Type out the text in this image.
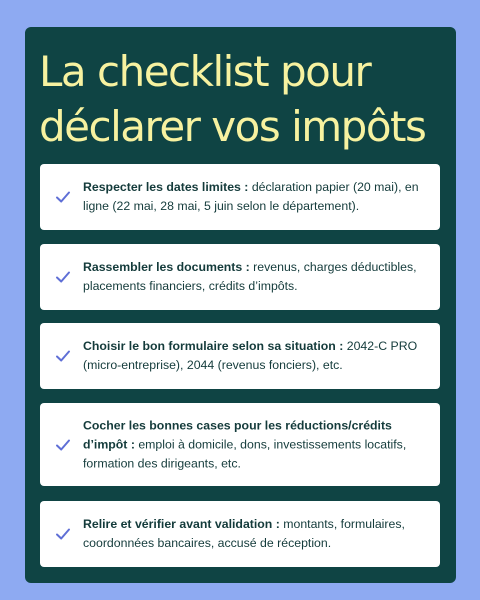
La checklist pour
déclarer vos impôts
Respecter les dates limites : déclaration papier (20 mai), en ligne (22 mai, 28 mai, 5 juin selon le département).
Rassembler les documents : revenus, charges déductibles, placements financiers, crédits d’impôts.
Choisir le bon formulaire selon sa situation : 2042-C PRO (micro-entreprise), 2044 (revenus fonciers), etc.
Cocher les bonnes cases pour les réductions/crédits d’impôt : emploi à domicile, dons, investissements locatifs, formation des dirigeants, etc.
Relire et vérifier avant validation : montants, formulaires, coordonnées bancaires, accusé de réception.
